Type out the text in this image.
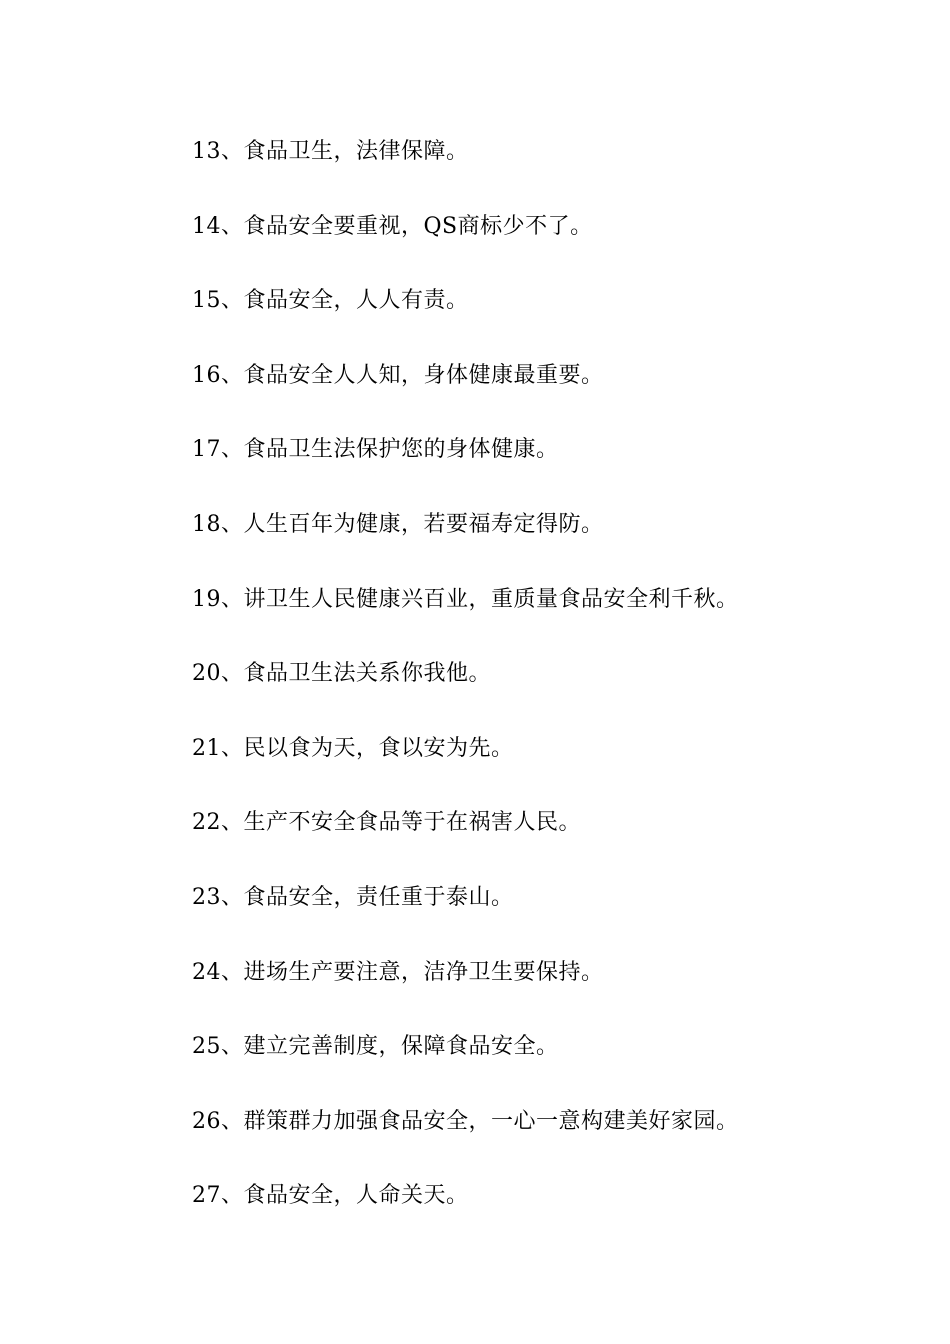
13、食品卫生，法律保障。
14、食品安全要重视，QS商标少不了。
15、食品安全，人人有责。
16、食品安全人人知，身体健康最重要。
17、食品卫生法保护您的身体健康。
18、人生百年为健康，若要福寿定得防。
19、讲卫生人民健康兴百业，重质量食品安全利千秋。
20、食品卫生法关系你我他。
21、民以食为天，食以安为先。
22、生产不安全食品等于在祸害人民。
23、食品安全，责任重于泰山。
24、进场生产要注意，洁净卫生要保持。
25、建立完善制度，保障食品安全。
26、群策群力加强食品安全，一心一意构建美好家园。
27、食品安全，人命关天。
